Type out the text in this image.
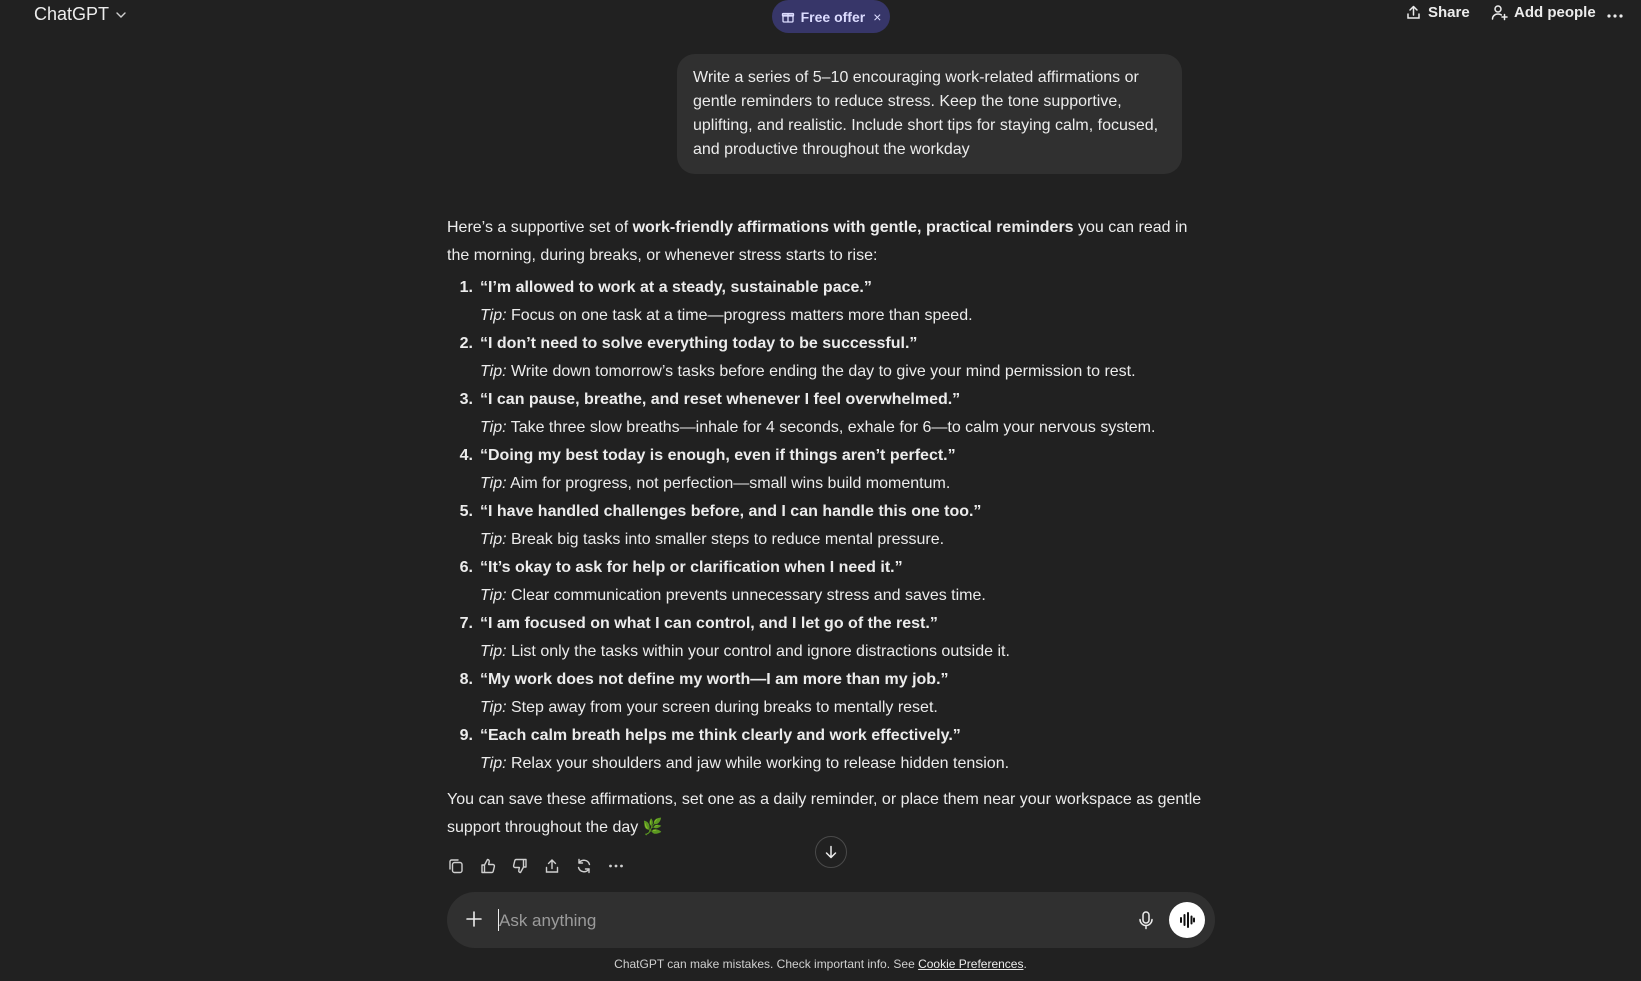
ChatGPT	Free offer ×	Share	Add people
Write a series of 5–10 encouraging work-related affirmations or gentle reminders to reduce stress. Keep the tone supportive, uplifting, and realistic. Include short tips for staying calm, focused, and productive throughout the workday

Here’s a supportive set of work-friendly affirmations with gentle, practical reminders you can read in the morning, during breaks, or whenever stress starts to rise:

1. “I’m allowed to work at a steady, sustainable pace.”
Tip: Focus on one task at a time—progress matters more than speed.
2. “I don’t need to solve everything today to be successful.”
Tip: Write down tomorrow’s tasks before ending the day to give your mind permission to rest.
3. “I can pause, breathe, and reset whenever I feel overwhelmed.”
Tip: Take three slow breaths—inhale for 4 seconds, exhale for 6—to calm your nervous system.
4. “Doing my best today is enough, even if things aren’t perfect.”
Tip: Aim for progress, not perfection—small wins build momentum.
5. “I have handled challenges before, and I can handle this one too.”
Tip: Break big tasks into smaller steps to reduce mental pressure.
6. “It’s okay to ask for help or clarification when I need it.”
Tip: Clear communication prevents unnecessary stress and saves time.
7. “I am focused on what I can control, and I let go of the rest.”
Tip: List only the tasks within your control and ignore distractions outside it.
8. “My work does not define my worth—I am more than my job.”
Tip: Step away from your screen during breaks to mentally reset.
9. “Each calm breath helps me think clearly and work effectively.”
Tip: Relax your shoulders and jaw while working to release hidden tension.

You can save these affirmations, set one as a daily reminder, or place them near your workspace as gentle support throughout the day 🌿

Ask anything
ChatGPT can make mistakes. Check important info. See Cookie Preferences.
